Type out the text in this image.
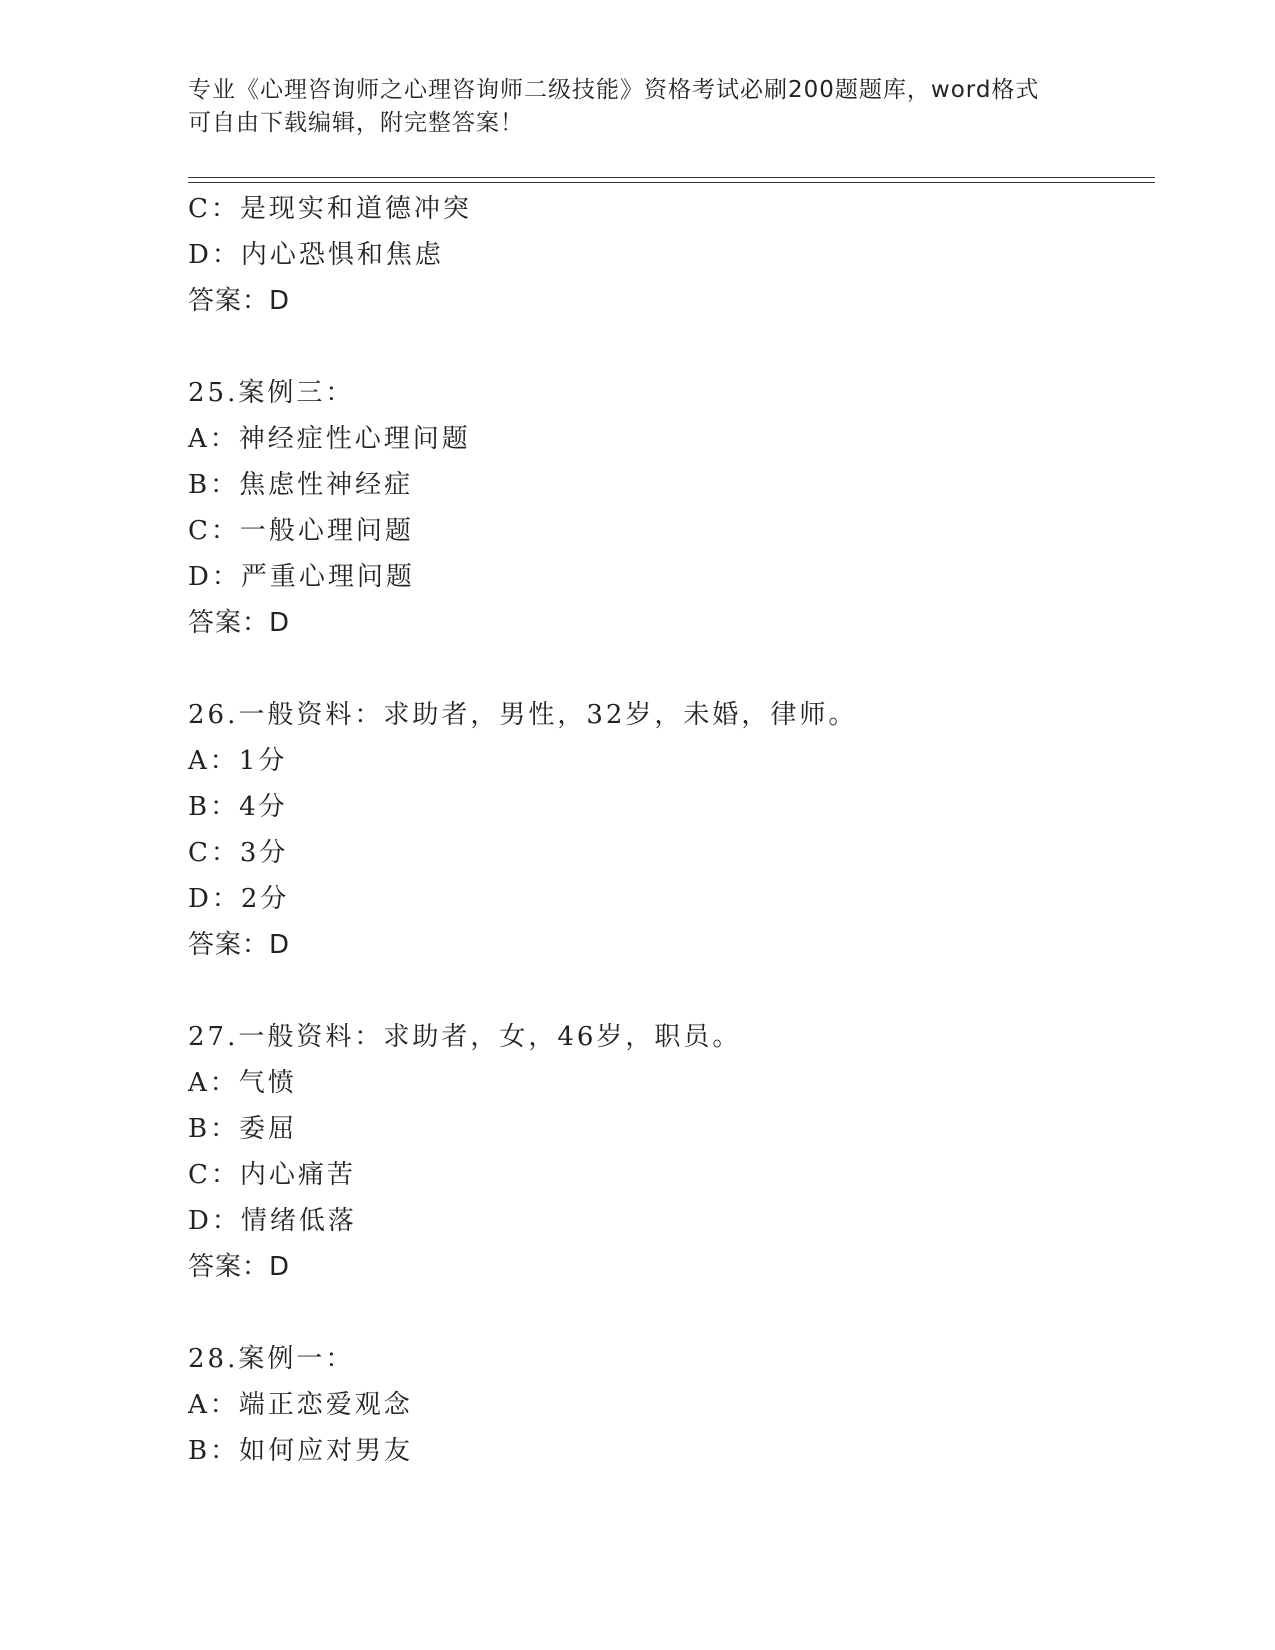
专业《心理咨询师之心理咨询师二级技能》资格考试必刷200题题库，word格式

可自由下载编辑，附完整答案！

C：是现实和道德冲突
D：内心恐惧和焦虑
答案：D
25.案例三：
A：神经症性心理问题
B：焦虑性神经症
C：一般心理问题
D：严重心理问题
答案：D
26.一般资料：求助者，男性，32岁，未婚，律师。
A：1分
B：4分
C：3分
D：2分
答案：D
27.一般资料：求助者，女，46岁，职员。
A：气愤
B：委屈
C：内心痛苦
D：情绪低落
答案：D
28.案例一：
A：端正恋爱观念
B：如何应对男友
